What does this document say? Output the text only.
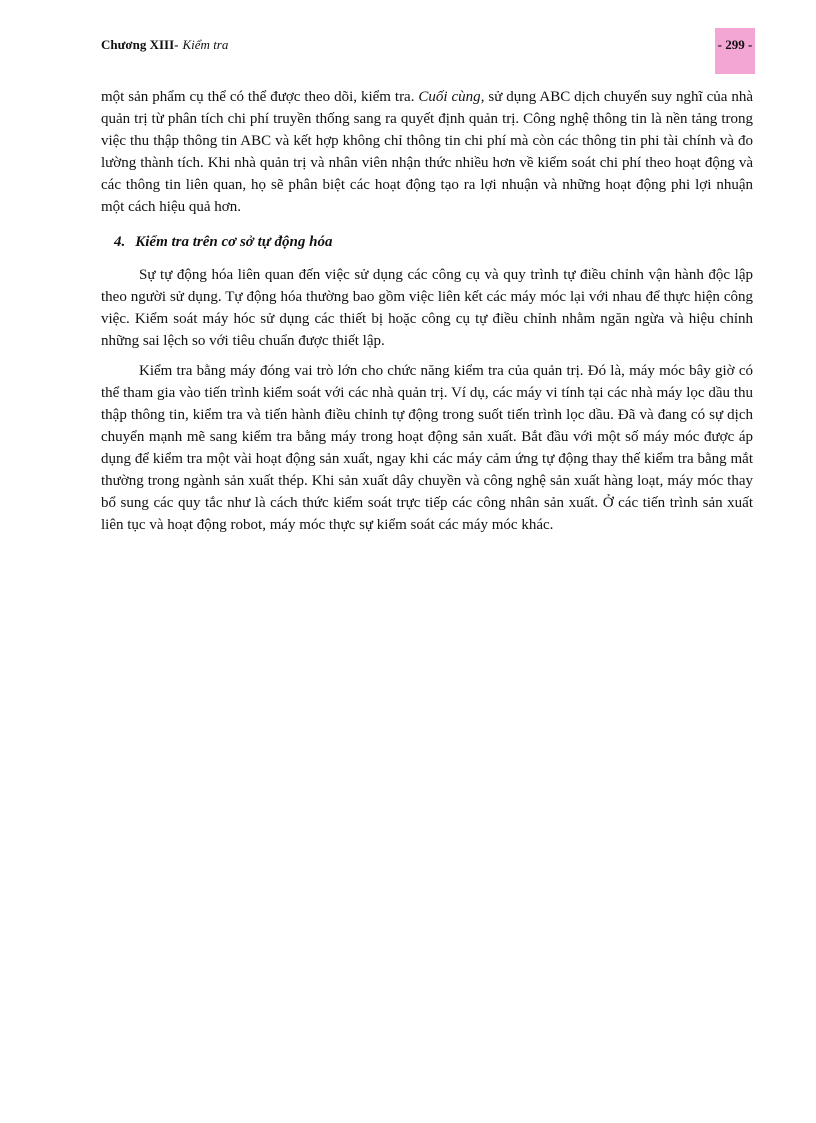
Chương XIII- Kiểm tra	- 299 -

một sản phẩm cụ thể có thể được theo dõi, kiểm tra. Cuối cùng, sử dụng ABC dịch chuyển suy nghĩ của nhà quản trị từ phân tích chi phí truyền thống sang ra quyết định quản trị. Công nghệ thông tin là nền tảng trong việc thu thập thông tin ABC và kết hợp không chỉ thông tin chi phí mà còn các thông tin phi tài chính và đo lường thành tích. Khi nhà quản trị và nhân viên nhận thức nhiều hơn về kiểm soát chi phí theo hoạt động và các thông tin liên quan, họ sẽ phân biệt các hoạt động tạo ra lợi nhuận và những hoạt động phi lợi nhuận một cách hiệu quả hơn.

4. Kiểm tra trên cơ sở tự động hóa

Sự tự động hóa liên quan đến việc sử dụng các công cụ và quy trình tự điều chỉnh vận hành độc lập theo người sử dụng. Tự động hóa thường bao gồm việc liên kết các máy móc lại với nhau để thực hiện công việc. Kiểm soát máy hóc sử dụng các thiết bị hoặc công cụ tự điều chỉnh nhằm ngăn ngừa và hiệu chỉnh những sai lệch so với tiêu chuẩn được thiết lập.

Kiểm tra bằng máy đóng vai trò lớn cho chức năng kiểm tra của quản trị. Đó là, máy móc bây giờ có thể tham gia vào tiến trình kiểm soát với các nhà quản trị. Ví dụ, các máy vi tính tại các nhà máy lọc dầu thu thập thông tin, kiểm tra và tiến hành điều chỉnh tự động trong suốt tiến trình lọc dầu. Đã và đang có sự dịch chuyển mạnh mẽ sang kiểm tra bằng máy trong hoạt động sản xuất. Bắt đầu với một số máy móc được áp dụng để kiểm tra một vài hoạt động sản xuất, ngay khi các máy cảm ứng tự động thay thế kiểm tra bằng mắt thường trong ngành sản xuất thép. Khi sản xuất dây chuyền và công nghệ sản xuất hàng loạt, máy móc thay bổ sung các quy tắc như là cách thức kiểm soát trực tiếp các công nhân sản xuất. Ở các tiến trình sản xuất liên tục và hoạt động robot, máy móc thực sự kiểm soát các máy móc khác.
